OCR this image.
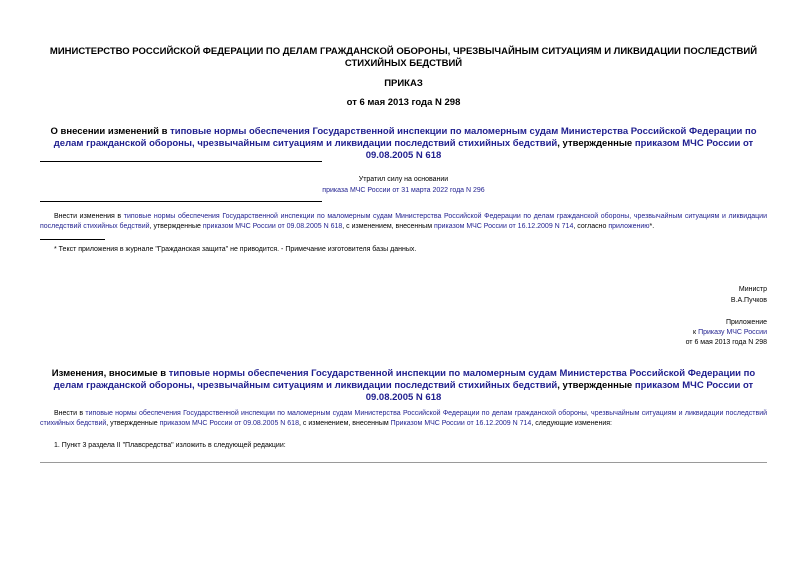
МИНИСТЕРСТВО РОССИЙСКОЙ ФЕДЕРАЦИИ ПО ДЕЛАМ ГРАЖДАНСКОЙ ОБОРОНЫ, ЧРЕЗВЫЧАЙНЫМ СИТУАЦИЯМ И ЛИКВИДАЦИИ ПОСЛЕДСТВИЙ СТИХИЙНЫХ БЕДСТВИЙ
ПРИКАЗ
от 6 мая 2013 года N 298
О внесении изменений в типовые нормы обеспечения Государственной инспекции по маломерным судам Министерства Российской Федерации по делам гражданской обороны, чрезвычайным ситуациям и ликвидации последствий стихийных бедствий, утвержденные приказом МЧС России от 09.08.2005 N 618
Утратил силу на основании
приказа МЧС России от 31 марта 2022 года N 296
Внести изменения в типовые нормы обеспечения Государственной инспекции по маломерным судам Министерства Российской Федерации по делам гражданской обороны, чрезвычайным ситуациям и ликвидации последствий стихийных бедствий, утвержденные приказом МЧС России от 09.08.2005 N 618, с изменением, внесенным приказом МЧС России от 16.12.2009 N 714, согласно приложению*.
* Текст приложения в журнале "Гражданская защита" не приводится. - Примечание изготовителя базы данных.
Министр
В.А.Пучков
Приложение
к Приказу МЧС России
от 6 мая 2013 года N 298
Изменения, вносимые в типовые нормы обеспечения Государственной инспекции по маломерным судам Министерства Российской Федерации по делам гражданской обороны, чрезвычайным ситуациям и ликвидации последствий стихийных бедствий, утвержденные приказом МЧС России от 09.08.2005 N 618
Внести в типовые нормы обеспечения Государственной инспекции по маломерным судам Министерства Российской Федерации по делам гражданской обороны, чрезвычайным ситуациям и ликвидации последствий стихийных бедствий, утвержденные приказом МЧС России от 09.08.2005 N 618, с изменением, внесенным Приказом МЧС России от 16.12.2009 N 714, следующие изменения:
1. Пункт 3 раздела II "Плавсредства" изложить в следующей редакции:
